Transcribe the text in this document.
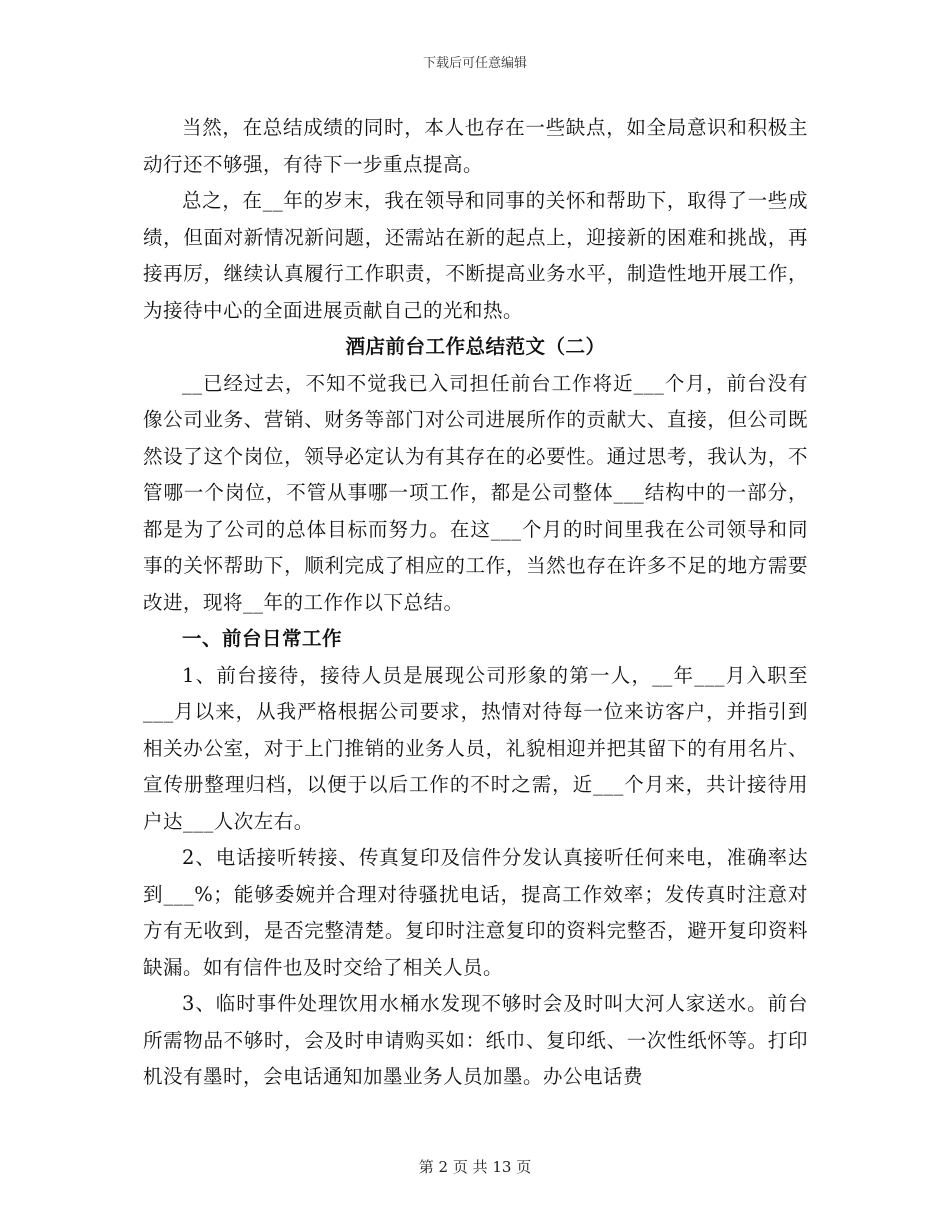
下载后可任意编辑

当然，在总结成绩的同时，本人也存在一些缺点，如全局意识和积极主动行还不够强，有待下一步重点提高。

总之，在__年的岁末，我在领导和同事的关怀和帮助下，取得了一些成绩，但面对新情况新问题，还需站在新的起点上，迎接新的困难和挑战，再接再厉，继续认真履行工作职责，不断提高业务水平，制造性地开展工作，为接待中心的全面进展贡献自己的光和热。

酒店前台工作总结范文（二）

__已经过去，不知不觉我已入司担任前台工作将近___个月，前台没有像公司业务、营销、财务等部门对公司进展所作的贡献大、直接，但公司既然设了这个岗位，领导必定认为有其存在的必要性。通过思考，我认为，不管哪一个岗位，不管从事哪一项工作，都是公司整体___结构中的一部分，都是为了公司的总体目标而努力。在这___个月的时间里我在公司领导和同事的关怀帮助下，顺利完成了相应的工作，当然也存在许多不足的地方需要改进，现将__年的工作作以下总结。

一、前台日常工作

1、前台接待，接待人员是展现公司形象的第一人，__年___月入职至___月以来，从我严格根据公司要求，热情对待每一位来访客户，并指引到相关办公室，对于上门推销的业务人员，礼貌相迎并把其留下的有用名片、宣传册整理归档，以便于以后工作的不时之需，近___个月来，共计接待用户达___人次左右。

2、电话接听转接、传真复印及信件分发认真接听任何来电，准确率达到___%；能够委婉并合理对待骚扰电话，提高工作效率；发传真时注意对方有无收到，是否完整清楚。复印时注意复印的资料完整否，避开复印资料缺漏。如有信件也及时交给了相关人员。

3、临时事件处理饮用水桶水发现不够时会及时叫大河人家送水。前台所需物品不够时，会及时申请购买如：纸巾、复印纸、一次性纸怀等。打印机没有墨时，会电话通知加墨业务人员加墨。办公电话费

第 2 页 共 13 页
